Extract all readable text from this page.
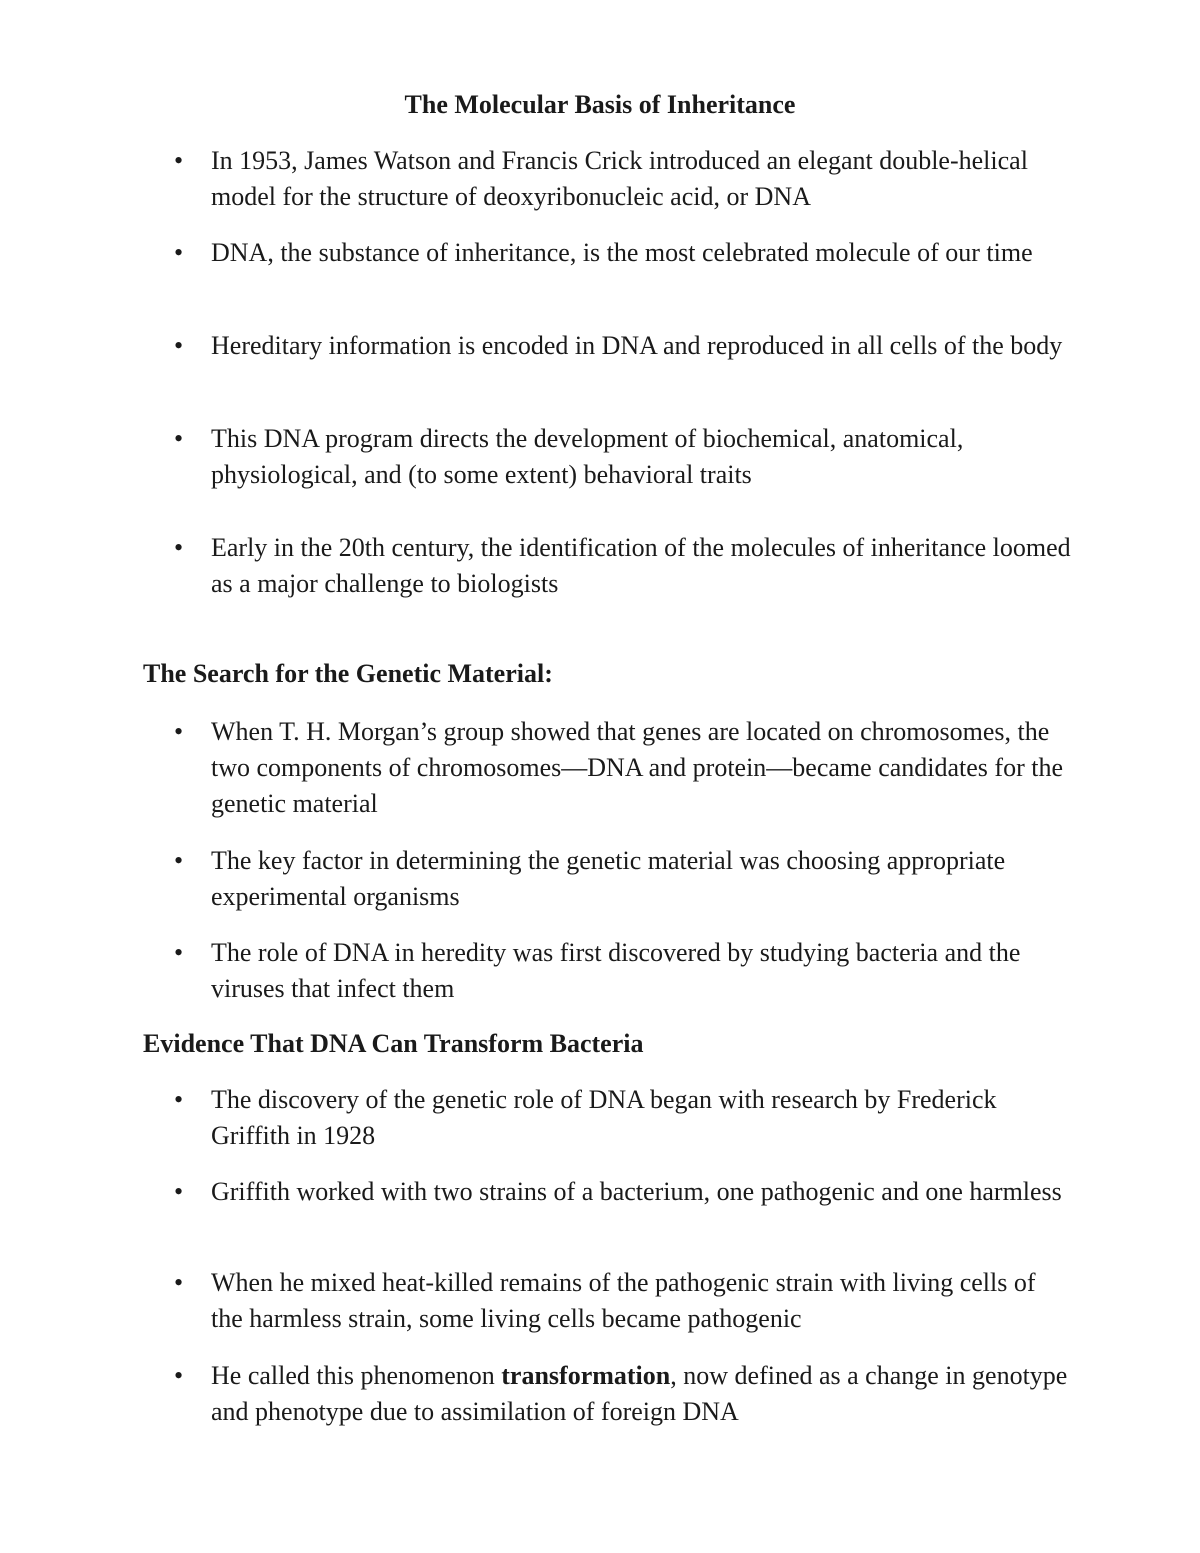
The Molecular Basis of Inheritance
• In 1953, James Watson and Francis Crick introduced an elegant double-helical model for the structure of deoxyribonucleic acid, or DNA
• DNA, the substance of inheritance, is the most celebrated molecule of our time
• Hereditary information is encoded in DNA and reproduced in all cells of the body
• This DNA program directs the development of biochemical, anatomical, physiological, and (to some extent) behavioral traits
• Early in the 20th century, the identification of the molecules of inheritance loomed as a major challenge to biologists
The Search for the Genetic Material:
• When T. H. Morgan’s group showed that genes are located on chromosomes, the two components of chromosomes—DNA and protein—became candidates for the genetic material
• The key factor in determining the genetic material was choosing appropriate experimental organisms
• The role of DNA in heredity was first discovered by studying bacteria and the viruses that infect them
Evidence That DNA Can Transform Bacteria
• The discovery of the genetic role of DNA began with research by Frederick Griffith in 1928
• Griffith worked with two strains of a bacterium, one pathogenic and one harmless
• When he mixed heat-killed remains of the pathogenic strain with living cells of the harmless strain, some living cells became pathogenic
• He called this phenomenon transformation, now defined as a change in genotype and phenotype due to assimilation of foreign DNA
